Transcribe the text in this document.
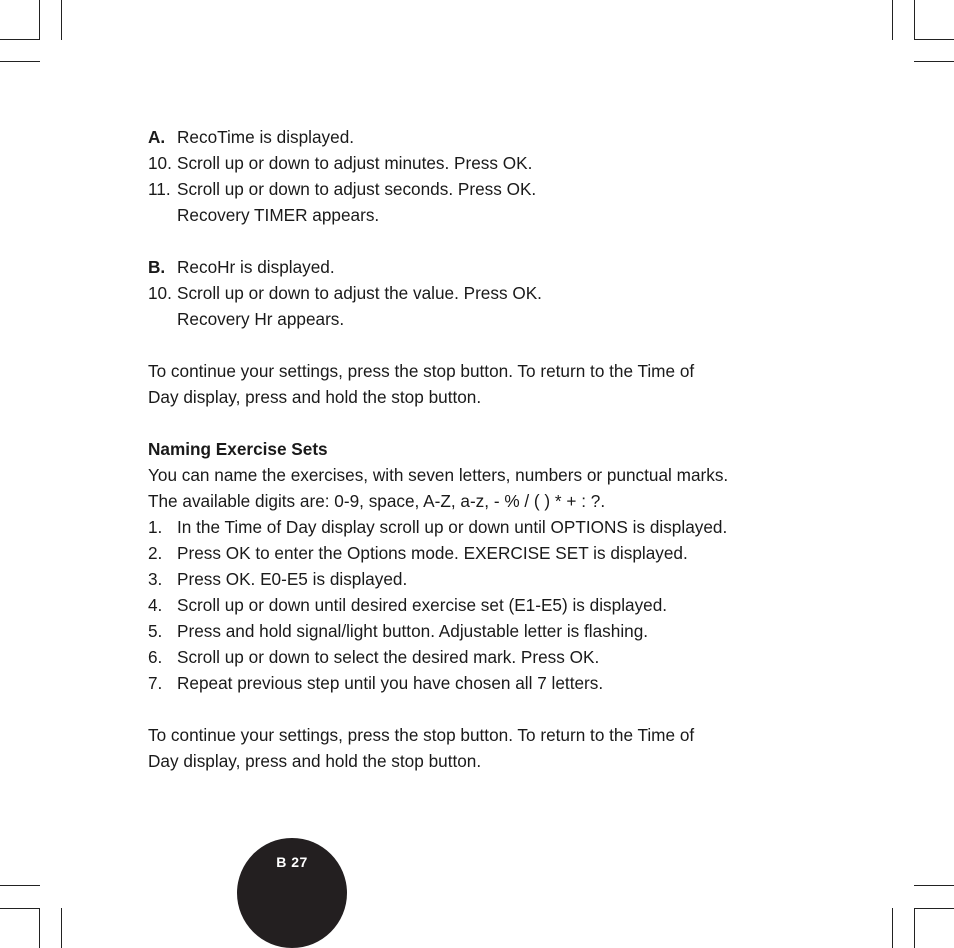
A. RecoTime is displayed.
10. Scroll up or down to adjust minutes. Press OK.
11. Scroll up or down to adjust seconds. Press OK.
Recovery TIMER appears.
B. RecoHr is displayed.
10. Scroll up or down to adjust the value. Press OK.
Recovery Hr appears.
To continue your settings, press the stop button. To return to the Time of
Day display, press and hold the stop button.
Naming Exercise Sets
You can name the exercises, with seven letters, numbers or punctual marks.
The available digits are: 0-9, space, A-Z, a-z, - % / ( ) * + : ?.
1. In the Time of Day display scroll up or down until OPTIONS is displayed.
2. Press OK to enter the Options mode. EXERCISE SET is displayed.
3. Press OK. E0-E5 is displayed.
4. Scroll up or down until desired exercise set (E1-E5) is displayed.
5. Press and hold signal/light button. Adjustable letter is flashing.
6. Scroll up or down to select the desired mark. Press OK.
7. Repeat previous step until you have chosen all 7 letters.
To continue your settings, press the stop button. To return to the Time of
Day display, press and hold the stop button.
B 27
